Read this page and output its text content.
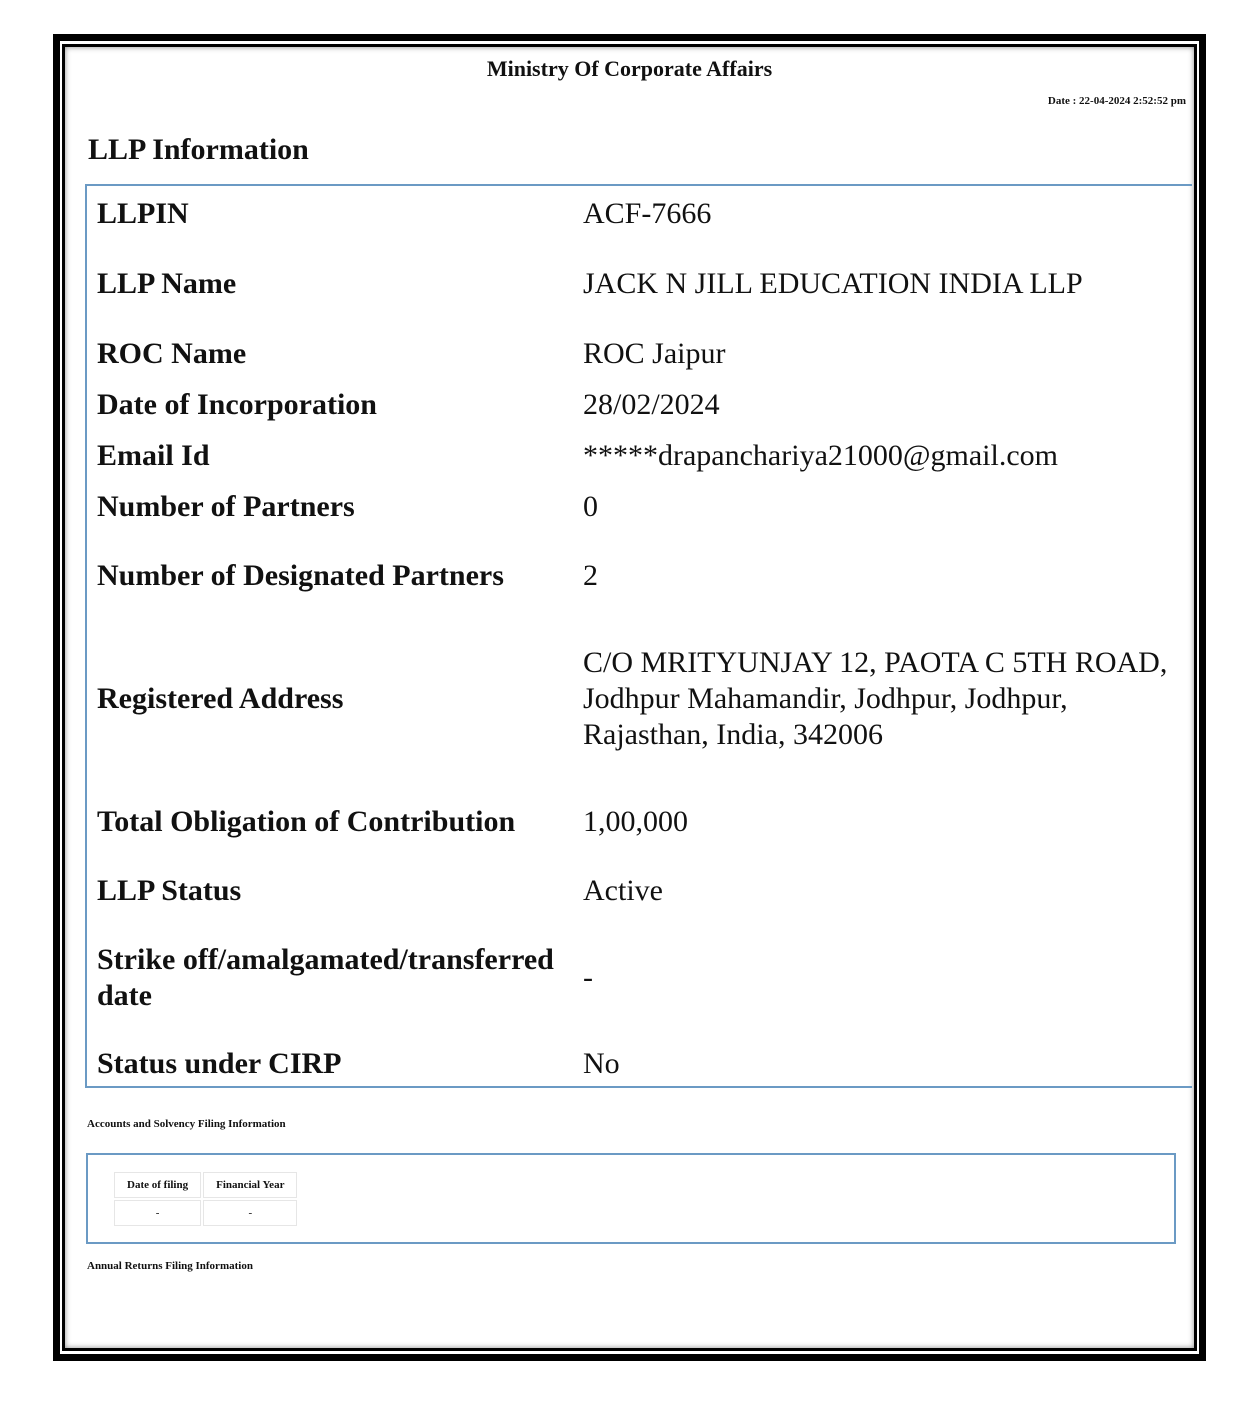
Ministry Of Corporate Affairs
Date : 22-04-2024 2:52:52 pm
LLP Information
LLPIN	ACF-7666
LLP Name	JACK N JILL EDUCATION INDIA LLP
ROC Name	ROC Jaipur
Date of Incorporation	28/02/2024
Email Id	*****drapanchariya21000@gmail.com
Number of Partners	0
Number of Designated Partners	2
Registered Address	C/O MRITYUNJAY 12, PAOTA C 5TH ROAD, Jodhpur Mahamandir, Jodhpur, Jodhpur, Rajasthan, India, 342006
Total Obligation of Contribution	1,00,000
LLP Status	Active
Strike off/amalgamated/transferred date	-
Status under CIRP	No
Accounts and Solvency Filing Information
Date of filing	Financial Year
-	-
Annual Returns Filing Information
